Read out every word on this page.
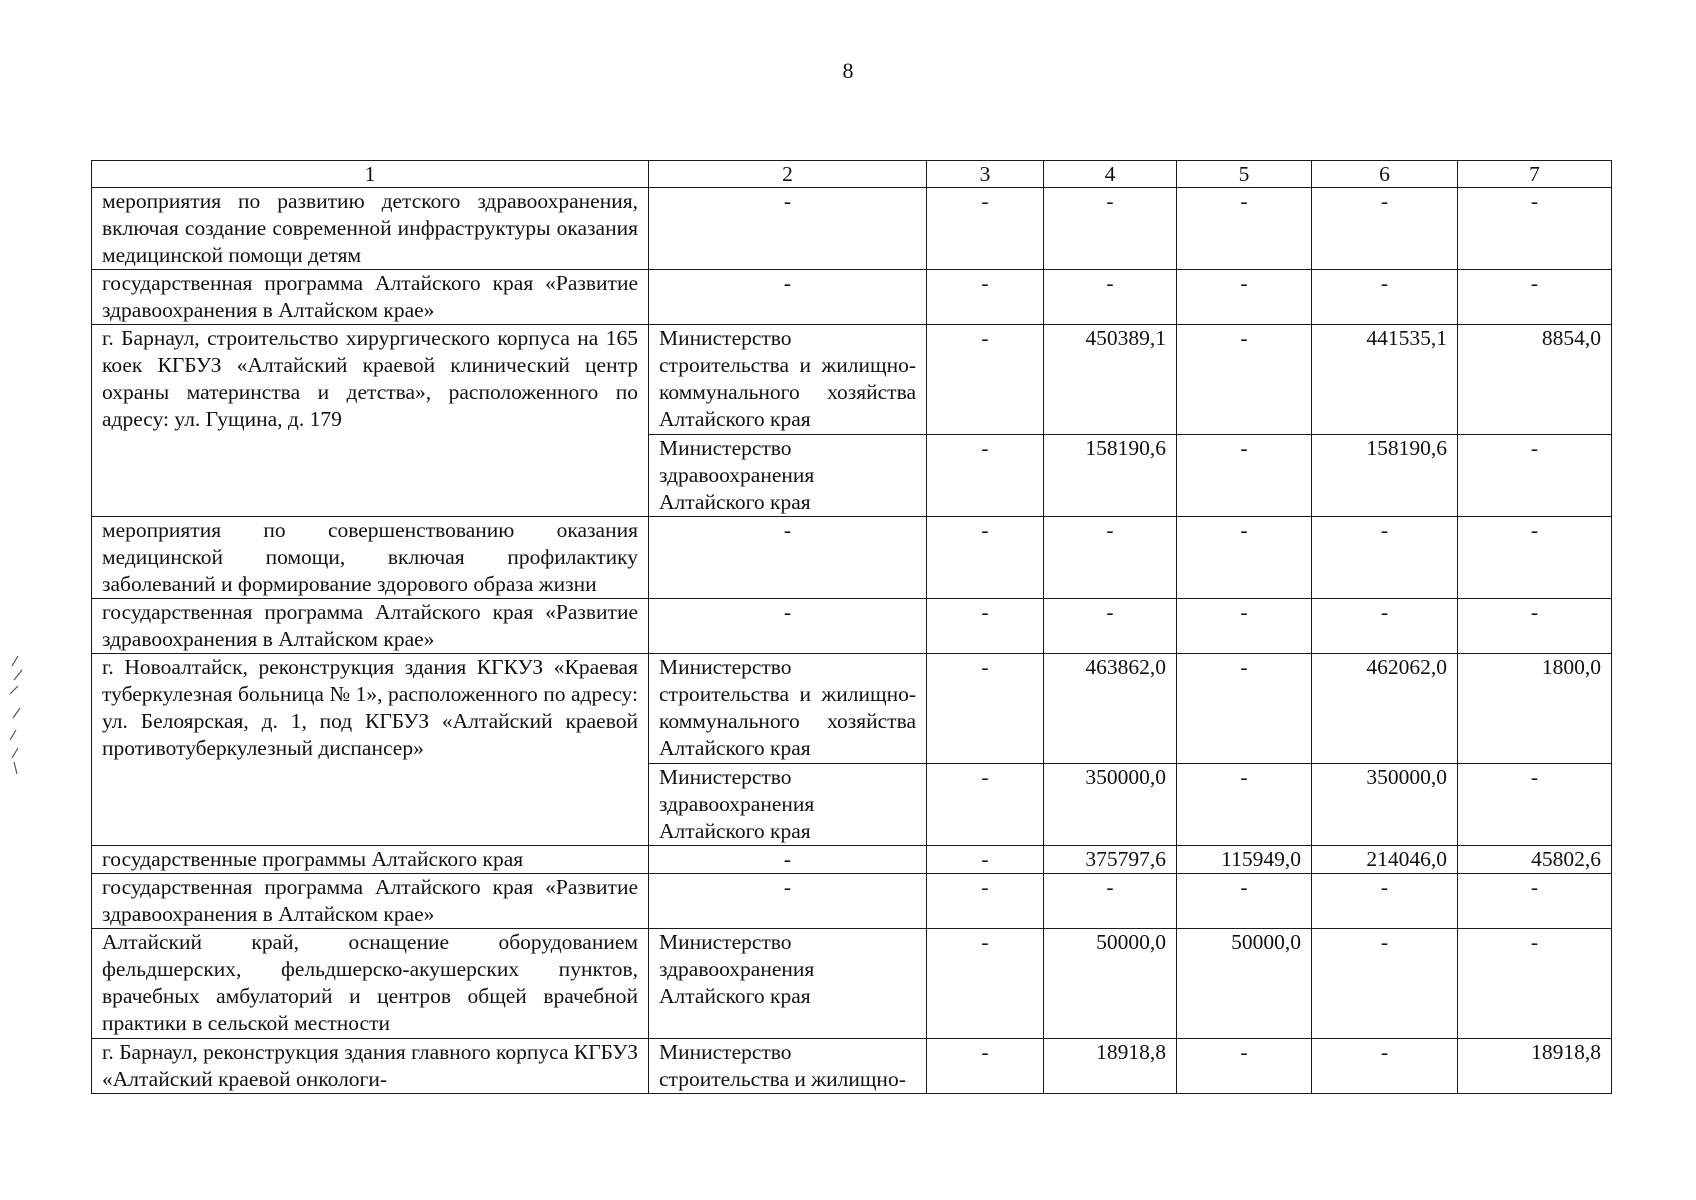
8
1	2	3	4	5	6	7
мероприятия по развитию детского здравоохранения, включая создание современной инфраструктуры оказания медицинской помощи детям	-	-	-	-	-	-
государственная программа Алтайского края «Развитие здравоохранения в Алтайском крае»	-	-	-	-	-	-
г. Барнаул, строительство хирургического корпуса на 165 коек КГБУЗ «Алтайский краевой клинический центр охраны материнства и детства», расположенного по адресу: ул. Гущина, д. 179	Министерство строительства и жилищно-коммунального хозяйства Алтайского края	-	450389,1	-	441535,1	8854,0
	Министерство здравоохранения Алтайского края	-	158190,6	-	158190,6	-
мероприятия по совершенствованию оказания медицинской помощи, включая профилактику заболеваний и формирование здорового образа жизни	-	-	-	-	-	-
государственная программа Алтайского края «Развитие здравоохранения в Алтайском крае»	-	-	-	-	-	-
г. Новоалтайск, реконструкция здания КГКУЗ «Краевая туберкулезная больница № 1», расположенного по адресу: ул. Белоярская, д. 1, под КГБУЗ «Алтайский краевой противотуберкулезный диспансер»	Министерство строительства и жилищно-коммунального хозяйства Алтайского края	-	463862,0	-	462062,0	1800,0
	Министерство здравоохранения Алтайского края	-	350000,0	-	350000,0	-
государственные программы Алтайского края	-	-	375797,6	115949,0	214046,0	45802,6
государственная программа Алтайского края «Развитие здравоохранения в Алтайском крае»	-	-	-	-	-	-
Алтайский край, оснащение оборудованием фельдшерских, фельдшерско-акушерских пунктов, врачебных амбулаторий и центров общей врачебной практики в сельской местности	Министерство здравоохранения Алтайского края	-	50000,0	50000,0	-	-
г. Барнаул, реконструкция здания главного корпуса КГБУЗ «Алтайский краевой онкологи-	Министерство строительства и жилищно-	-	18918,8	-	-	18918,8
